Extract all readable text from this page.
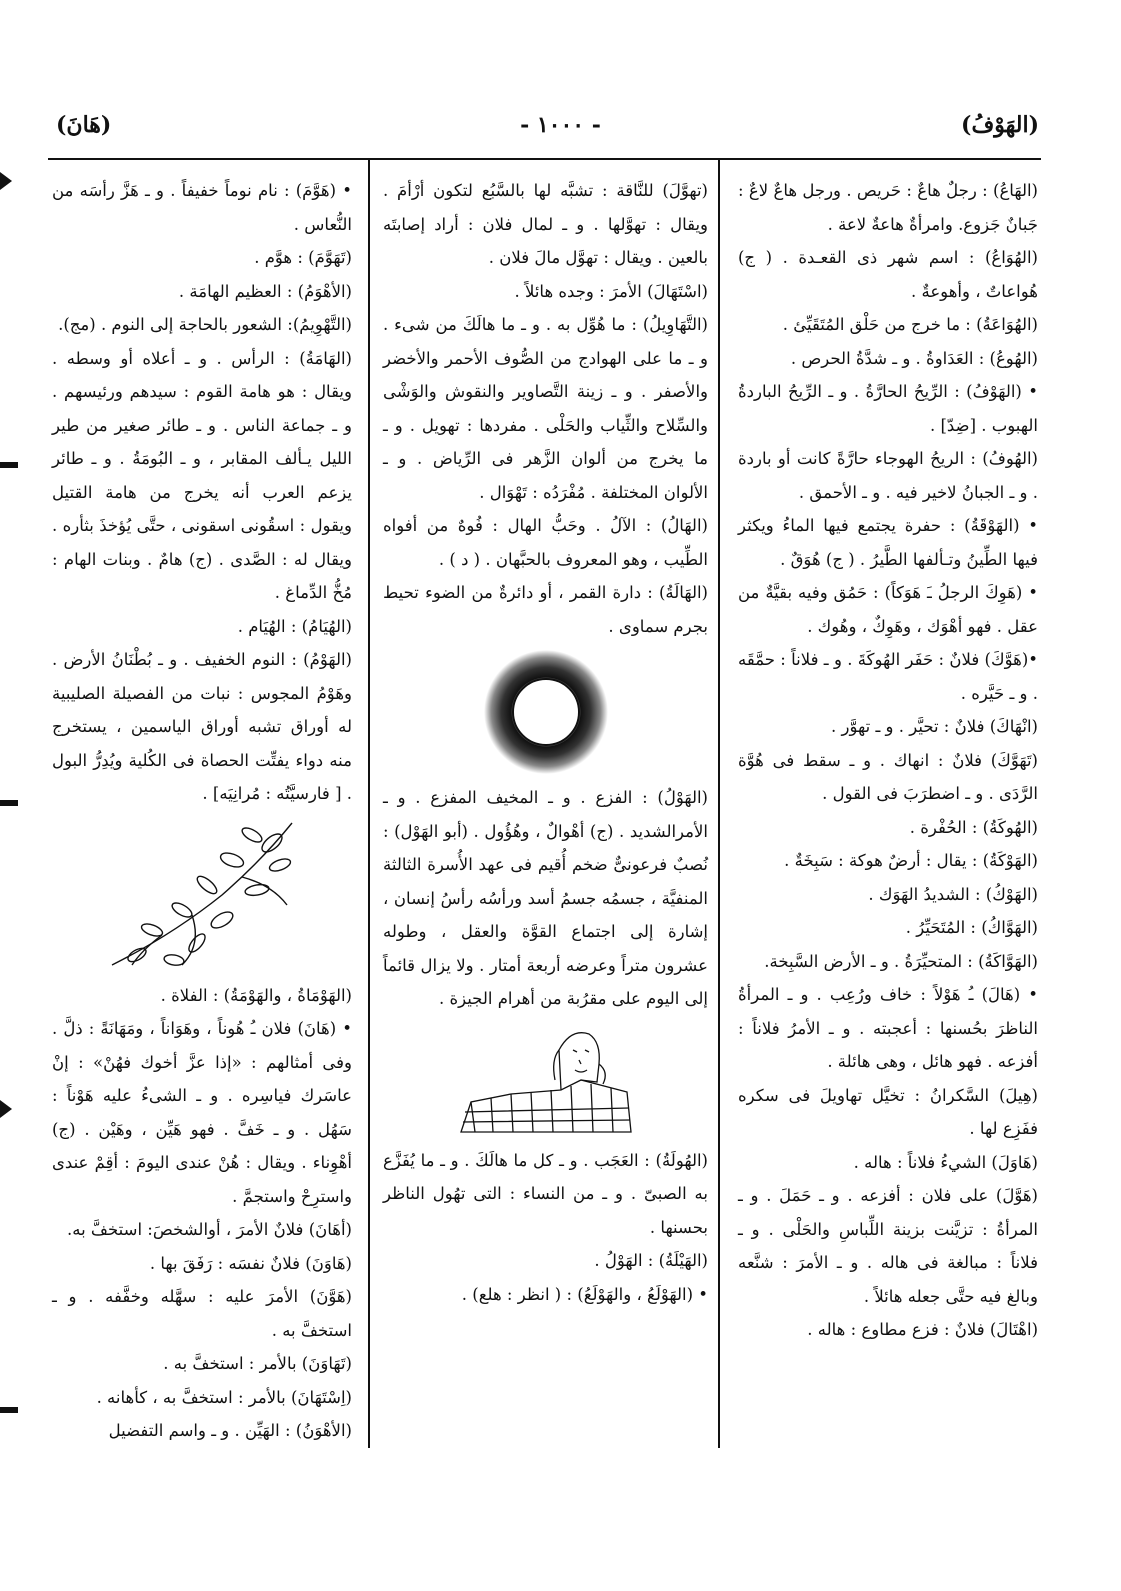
(الهَوْفُ)
- ١٠٠٠ -
(هَانَ)

(الهَاعُ) : رجلٌ هاعٌ : حَريص . ورجل هاعٌ لاعٌ : جَبانٌ جَزوع. وامرأةٌ هاعةٌ لاعة .

(الهُوَاعُ) : اسم شهر ذى القعـدة . ( ج) هُواعاتٌ ، وأهوعةٌ .

(الهُوَاعَةُ) : ما خرج من حَلْق المُتَقَيِّئ .

(الهُوعُ) : العَدَاوةُ . و ـ شدَّةُ الحرص .

• (الهَوْفُ) : الرِّيحُ الحارَّةُ . و ـ الرِّيحُ الباردةُ الهبوب . [ضِدّ] .

(الهُوفُ) : الريحُ الهوجاء حارَّةً كانت أو باردة . و ـ الجبانُ لاخير فيه . و ـ الأحمق .

• (الهَوْقَةُ) : حفرة يجتمع فيها الماءُ ويكثر فيها الطِّينُ وتـألفها الطَّيرُ . ( ج) هُوَقٌ .

• (هَوِكَ الرجلُ ـَ هَوَكاً) : حَمُق وفيه بقيَّةٌ من عقل . فهو أهْوَك ، وهَوِكٌ ، وهُوك .

•(هَوَّكَ) فلانٌ : حَفَر الهُوكَةَ . و ـ فلاناً : حمَّقَه . و ـ حَيَّره .

(انْهَاكَ) فلانٌ : تحيَّر . و ـ تهوَّر .

(تَهَوَّكَ) فلانٌ : انهاك . و ـ سقط فى هُوَّة الرَّدَى . و ـ اضطرَبَ فى القول .

(الهُوكَةُ) : الحُفْرة .

(الهَوْكَةُ) : يقال : أرضٌ هوكة : سَبِخَةٌ .

(الهَوْكُ) : الشديدُ الهَوَك .

(الهَوَّاكُ) : المُتَحَيِّرُ .

(الهَوَّاكَةُ) : المتحيِّرَةُ . و ـ الأرض السَّبِخة.

• (هَالَ) ـُ هَوْلاً : خاف ورُعِب . و ـ المرأةُ الناظرَ بحُسنها : أعجبته . و ـ الأمرُ فلاناً : أفزعه . فهو هائل ، وهى هائلة .

(هِيلَ) السَّكرانُ : تخيَّل تهاويلَ فى سكره ففَزِع لها .

(هَاوَلَ) الشيءُ فلاناً : هاله .

(هَوَّلَ) على فلان : أفزعه . و ـ حَمَلَ . و ـ المرأةُ : تزيَّنت بزينة اللِّباسِ والحَلْى . و ـ فلاناً : مبالغة فى هاله . و ـ الأمرَ : شنَّعه وبالغ فيه حتَّى جعله هائلاً .

(اهْتَالَ) فلانٌ : فزع مطاوع : هاله .

(تهوَّلَ) للنَّاقة : تشبَّه لها بالسَّبُع لتكون أرْأمَ . ويقال : تهوَّلها . و ـ لمال فلان : أراد إصابتَه بالعين . ويقال : تهوَّل مالَ فلان .

(اسْتَهَالَ) الأمرَ : وجده هائلاً .

(التَّهَاوِيلُ) : ما هُوِّل به . و ـ ما هالَكَ من شىء . و ـ ما على الهوادج من الصُّوف الأحمر والأخضر والأصفر . و ـ زينة التَّصاوير والنقوش والوَشْى والسِّلاح والثِّياب والحَلْى . مفردها : تهويل . و ـ ما يخرج من ألوان الزَّهر فى الرِّياض . و ـ الألوان المختلفة . مُفْرَدُه : تَهْوَال .

(الهَالُ) : الآلُ . وحَبُّ الهال : فُوهٌ من أفواه الطِّيب ، وهو المعروف بالحبَّهان . ( د ) .

(الهَالَةُ) : دارة القمر ، أو دائرةٌ من الضوء تحيط بجرم سماوى .

(الهَوْلُ) : الفزع . و ـ المخيف المفزع . و ـ الأمرالشديد . (ج) أهْوالٌ ، وهُؤُول . (أبو الهَوْل) : نُصبٌ فرعونىٌّ ضخم أُقيم فى عهد الأُسرة الثالثة المنفيَّة ، جسمُه جسمُ أسد ورأسُه رأسُ إنسان ، إشارة إلى اجتماع القوَّة والعقل ، وطوله عشرون متراً وعرضه أربعة أمتار . ولا يزال قائماً إلى اليوم على مقرُبة من أهرام الجيزة .

(الهُولَةُ) : العَجَب . و ـ كل ما هالَكَ . و ـ ما يُفَزَّع به الصبىّ . و ـ من النساء : التى تهُول الناظر بحسنها .

(الهَيْلَةُ) : الهَوْلُ .

• (الهَوْلَعُ ، والهَوْلَعُ) : ( انظر : هلع) .

• (هَوَّمَ) : نام نوماً خفيفاً . و ـ هَزَّ رأسَه من النُّعاس .

(تَهَوَّمَ) : هوَّم .

(الأهْوَمُ) : العظيم الهامَة .

(التَّهْوِيمُ): الشعور بالحاجة إلى النوم . (مج).

(الهَامَةُ) : الرأس . و ـ أعلاه أو وسطه . ويقال : هو هامة القوم : سيدهم ورئيسهم . و ـ جماعة الناس . و ـ طائر صغير من طير الليل يـألف المقابر ، و ـ البُومَةُ . و ـ طائر يزعم العرب أنه يخرج من هامة القتيل ويقول : اسقُونى اسقونى ، حتَّى يُؤخذَ بثأره . ويقال له : الصَّدى . (ج) هامٌ . وبنات الهام : مُخُّ الدِّماغ .

(الهُيَامُ) : الهُيَام .

(الهَوْمُ) : النوم الخفيف . و ـ بُطْنَانُ الأرض . وهَوْمُ المجوس : نبات من الفصيلة الصليبية له أوراق تشبه أوراق الياسمين ، يستخرج منه دواء يفتِّت الحصاة فى الكُلية ويُدِرُّ البول . [ فارسيَّتُه : مُرانِيَه] .

(الهَوْمَاةُ ، والهَوْمَةُ) : الفلاة .

• (هَانَ) فلان ـُ هُوناً ، وهَوَاناً ، ومَهَانَةً : ذلَّ . وفى أمثالهم : «إذا عزَّ أخوك فهُنْ» : إنْ عاسَرك فياسِره . و ـ الشىءُ عليه هَوْناً : سَهُل . و ـ خَفَّ . فهو هَيِّن ، وهَيْن . (ج) أهْوِناء . ويقال : هُنْ عندى اليومَ : أقِمْ عندى واسترِحْ واستجمَّ .

(أهَانَ) فلانٌ الأمرَ ، أوالشخصَ: استخفَّ به.

(هَاوَنَ) فلانٌ نفسَه : رَفَقَ بها .

(هَوَّنَ) الأمرَ عليه : سهَّله وخفَّفه . و ـ استخفَّ به .

(تَهَاوَنَ) بالأمر : استخفَّ به .

(اِسْتَهَانَ) بالأمر : استخفَّ به ، كأهانه .

(الأهْوَنُ) : الهَيِّن . و ـ واسم التفضيل
